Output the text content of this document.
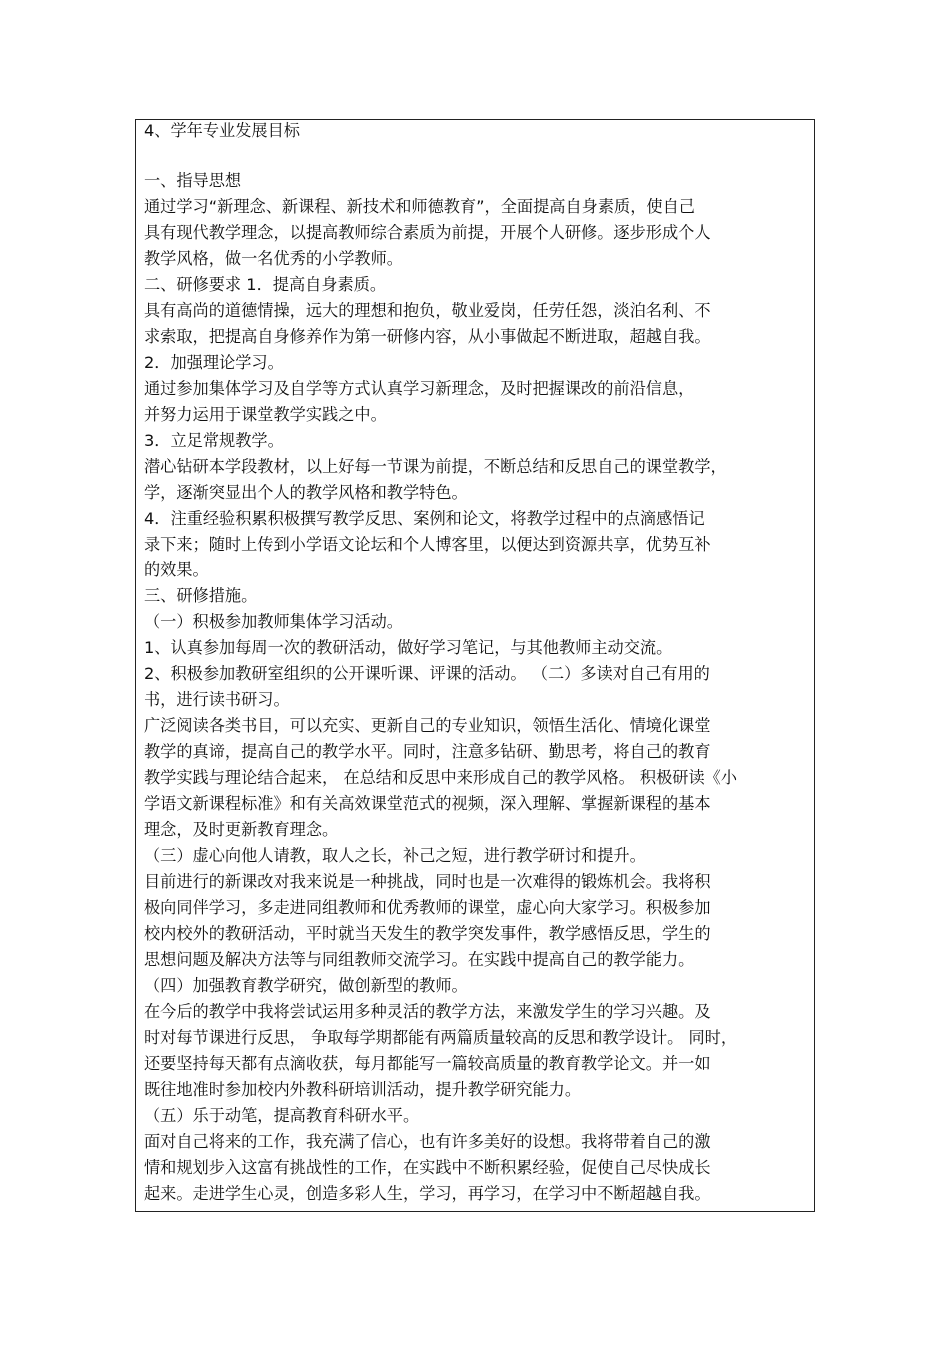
4、学年专业发展目标
一、指导思想
通过学习“新理念、新课程、新技术和师德教育”，全面提高自身素质，使自己
具有现代教学理念，以提高教师综合素质为前提，开展个人研修。逐步形成个人
教学风格，做一名优秀的小学教师。
二、研修要求 1．提高自身素质。
具有高尚的道德情操，远大的理想和抱负，敬业爱岗，任劳任怨，淡泊名利、不
求索取，把提高自身修养作为第一研修内容，从小事做起不断进取，超越自我。
2．加强理论学习。
通过参加集体学习及自学等方式认真学习新理念，及时把握课改的前沿信息，
并努力运用于课堂教学实践之中。
3．立足常规教学。
潜心钻研本学段教材，以上好每一节课为前提，不断总结和反思自己的课堂教学，
学，逐渐突显出个人的教学风格和教学特色。
4．注重经验积累积极撰写教学反思、案例和论文，将教学过程中的点滴感悟记
录下来；随时上传到小学语文论坛和个人博客里，以便达到资源共享，优势互补
的效果。
三、研修措施。
（一）积极参加教师集体学习活动。
1、认真参加每周一次的教研活动，做好学习笔记，与其他教师主动交流。
2、积极参加教研室组织的公开课听课、评课的活动。 （二）多读对自己有用的
书，进行读书研习。
广泛阅读各类书目，可以充实、更新自己的专业知识，领悟生活化、情境化课堂
教学的真谛，提高自己的教学水平。同时，注意多钻研、勤思考，将自己的教育
教学实践与理论结合起来， 在总结和反思中来形成自己的教学风格。 积极研读《小
学语文新课程标准》和有关高效课堂范式的视频，深入理解、掌握新课程的基本
理念，及时更新教育理念。
（三）虚心向他人请教，取人之长，补己之短，进行教学研讨和提升。
目前进行的新课改对我来说是一种挑战，同时也是一次难得的锻炼机会。我将积
极向同伴学习，多走进同组教师和优秀教师的课堂，虚心向大家学习。积极参加
校内校外的教研活动，平时就当天发生的教学突发事件，教学感悟反思，学生的
思想问题及解决方法等与同组教师交流学习。在实践中提高自己的教学能力。
（四）加强教育教学研究，做创新型的教师。
在今后的教学中我将尝试运用多种灵活的教学方法，来激发学生的学习兴趣。及
时对每节课进行反思， 争取每学期都能有两篇质量较高的反思和教学设计。 同时，
还要坚持每天都有点滴收获，每月都能写一篇较高质量的教育教学论文。并一如
既往地准时参加校内外教科研培训活动，提升教学研究能力。
（五）乐于动笔，提高教育科研水平。
面对自己将来的工作，我充满了信心，也有许多美好的设想。我将带着自己的激
情和规划步入这富有挑战性的工作，在实践中不断积累经验，促使自己尽快成长
起来。走进学生心灵，创造多彩人生，学习，再学习，在学习中不断超越自我。
